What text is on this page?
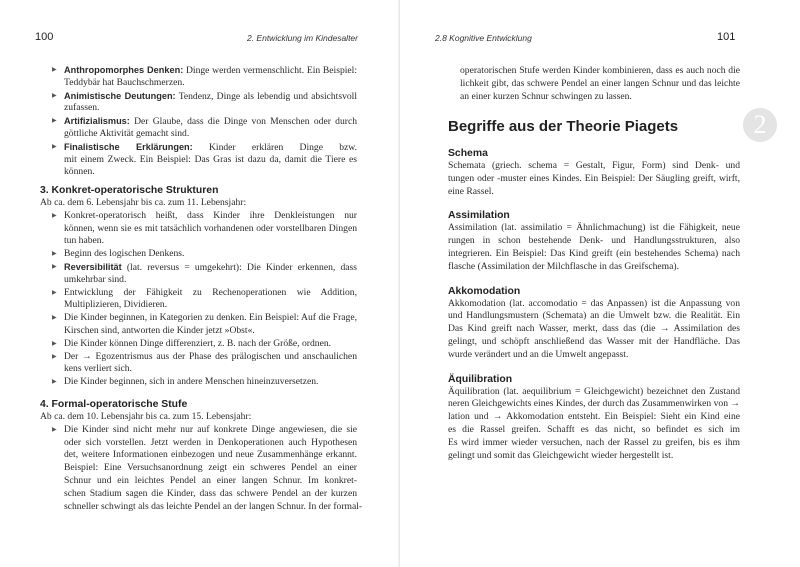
100	2. Entwicklung im Kindesalter
▶ Anthropomorphes Denken: Dinge werden vermenschlicht. Ein Beispiel:
Teddybär hat Bauchschmerzen.
▶ Animistische Deutungen: Tendenz, Dinge als lebendig und absichtsvoll
zufassen.
▶ Artifizialismus: Der Glaube, dass die Dinge von Menschen oder durch
göttliche Aktivität gemacht sind.
▶ Finalistische Erklärungen: Kinder erklären Dinge bzw.
mit einem Zweck. Ein Beispiel: Das Gras ist dazu da, damit die Tiere es
können.
3. Konkret-operatorische Strukturen
Ab ca. dem 6. Lebensjahr bis ca. zum 11. Lebensjahr:
▶ Konkret-operatorisch heißt, dass Kinder ihre Denkleistungen nur
können, wenn sie es mit tatsächlich vorhandenen oder vorstellbaren Dingen
tun haben.
▶ Beginn des logischen Denkens.
▶ Reversibilität (lat. reversus = umgekehrt): Die Kinder erkennen, dass
umkehrbar sind.
▶ Entwicklung der Fähigkeit zu Rechenoperationen wie Addition,
Multiplizieren, Dividieren.
▶ Die Kinder beginnen, in Kategorien zu denken. Ein Beispiel: Auf die Frage,
Kirschen sind, antworten die Kinder jetzt »Obst«.
▶ Die Kinder können Dinge differenziert, z. B. nach der Größe, ordnen.
▶ Der → Egozentrismus aus der Phase des prälogischen und anschaulichen
kens verliert sich.
▶ Die Kinder beginnen, sich in andere Menschen hineinzuversetzen.
4. Formal-operatorische Stufe
Ab ca. dem 10. Lebensjahr bis ca. zum 15. Lebensjahr:
▶ Die Kinder sind nicht mehr nur auf konkrete Dinge angewiesen, die sie
oder sich vorstellen. Jetzt werden in Denkoperationen auch Hypothesen
det, weitere Informationen einbezogen und neue Zusammenhänge erkannt.
Beispiel: Eine Versuchsanordnung zeigt ein schweres Pendel an einer
Schnur und ein leichtes Pendel an einer langen Schnur. Im konkret-
schen Stadium sagen die Kinder, dass das schwere Pendel an der kurzen
schneller schwingt als das leichte Pendel an der langen Schnur. In der formal-
2.8 Kognitive Entwicklung	101
2
operatorischen Stufe werden Kinder kombinieren, dass es auch noch die
lichkeit gibt, das schwere Pendel an einer langen Schnur und das leichte
an einer kurzen Schnur schwingen zu lassen.
Begriffe aus der Theorie Piagets
Schema
Schemata (griech. schema = Gestalt, Figur, Form) sind Denk- und
tungen oder -muster eines Kindes. Ein Beispiel: Der Säugling greift, wirft,
eine Rassel.
Assimilation
Assimilation (lat. assimilatio = Ähnlichmachung) ist die Fähigkeit, neue
rungen in schon bestehende Denk- und Handlungsstrukturen, also
integrieren. Ein Beispiel: Das Kind greift (ein bestehendes Schema) nach
flasche (Assimilation der Milchflasche in das Greifschema).
Akkomodation
Akkomodation (lat. accomodatio = das Anpassen) ist die Anpassung von
und Handlungsmustern (Schemata) an die Umwelt bzw. die Realität. Ein
Das Kind greift nach Wasser, merkt, dass das (die → Assimilation des
gelingt, und schöpft anschließend das Wasser mit der Handfläche. Das
wurde verändert und an die Umwelt angepasst.
Äquilibration
Äquilibration (lat. aequilibrium = Gleichgewicht) bezeichnet den Zustand
neren Gleichgewichts eines Kindes, der durch das Zusammenwirken von →
lation und → Akkomodation entsteht. Ein Beispiel: Sieht ein Kind eine
es die Rassel greifen. Schafft es das nicht, so befindet es sich im
Es wird immer wieder versuchen, nach der Rassel zu greifen, bis es ihm
gelingt und somit das Gleichgewicht wieder hergestellt ist.
